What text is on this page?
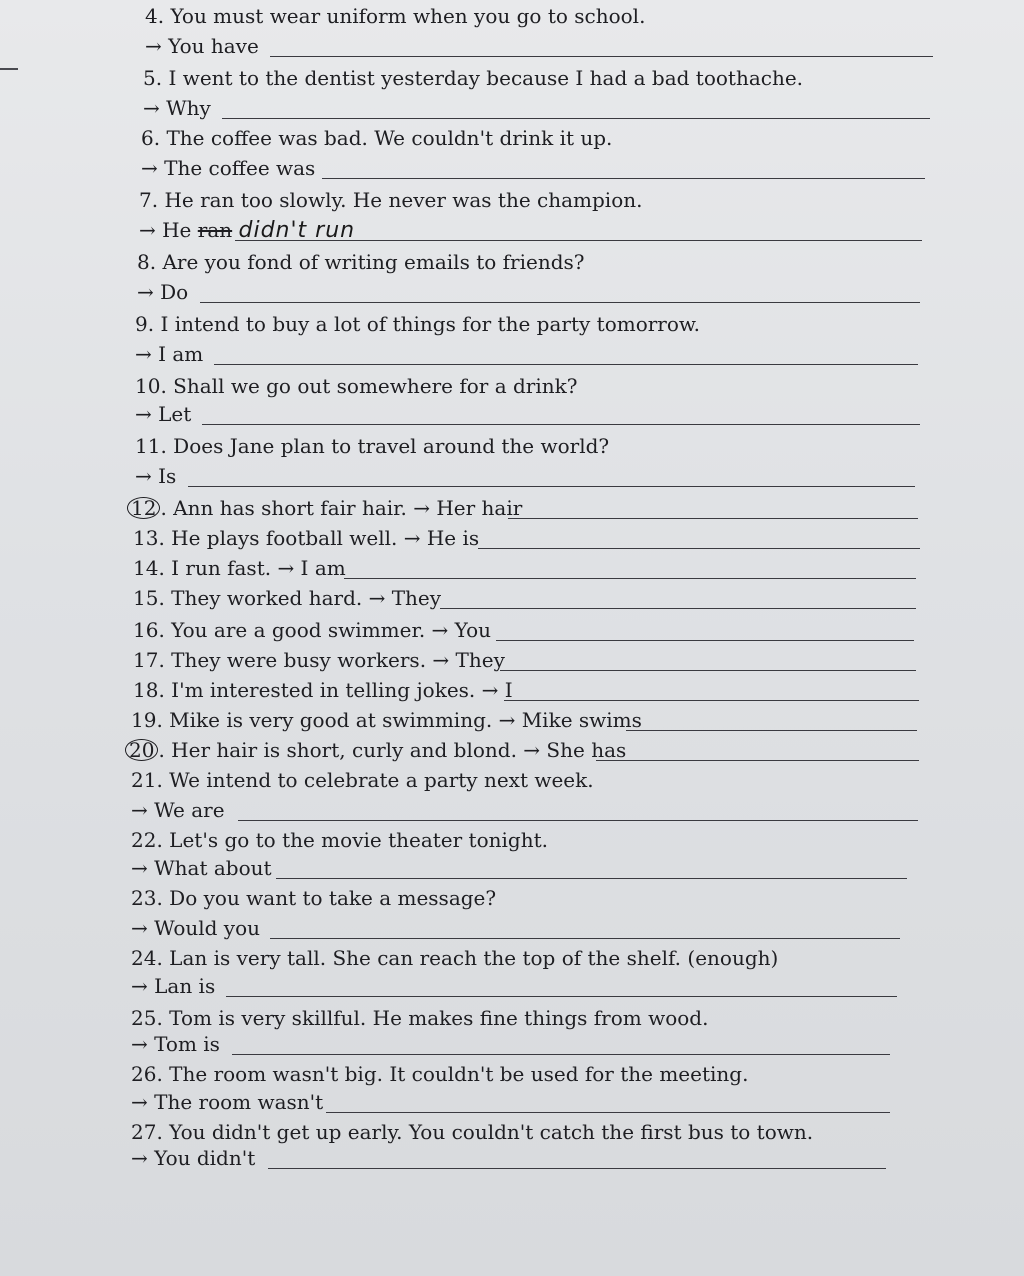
4. You must wear uniform when you go to school.
→ You have
5. I went to the dentist yesterday because I had a bad toothache.
→ Why
6. The coffee was bad. We couldn't drink it up.
→ The coffee was
7. He ran too slowly. He never was the champion.
→ He ran didn't run
8. Are you fond of writing emails to friends?
→ Do
9. I intend to buy a lot of things for the party tomorrow.
→ I am
10. Shall we go out somewhere for a drink?
→ Let
11. Does Jane plan to travel around the world?
→ Is
12 . Ann has short fair hair. → Her hair
13. He plays football well. → He is
14. I run fast. → I am
15. They worked hard. → They
16. You are a good swimmer. → You
17. They were busy workers. → They
18. I'm interested in telling jokes. → I
19. Mike is very good at swimming. → Mike swims
20 . Her hair is short, curly and blond. → She has
21. We intend to celebrate a party next week.
→ We are
22. Let's go to the movie theater tonight.
→ What about
23. Do you want to take a message?
→ Would you
24. Lan is very tall. She can reach the top of the shelf. (enough)
→ Lan is
25. Tom is very skillful. He makes fine things from wood.
→ Tom is
26. The room wasn't big. It couldn't be used for the meeting.
→ The room wasn't
27. You didn't get up early. You couldn't catch the first bus to town.
→ You didn't
